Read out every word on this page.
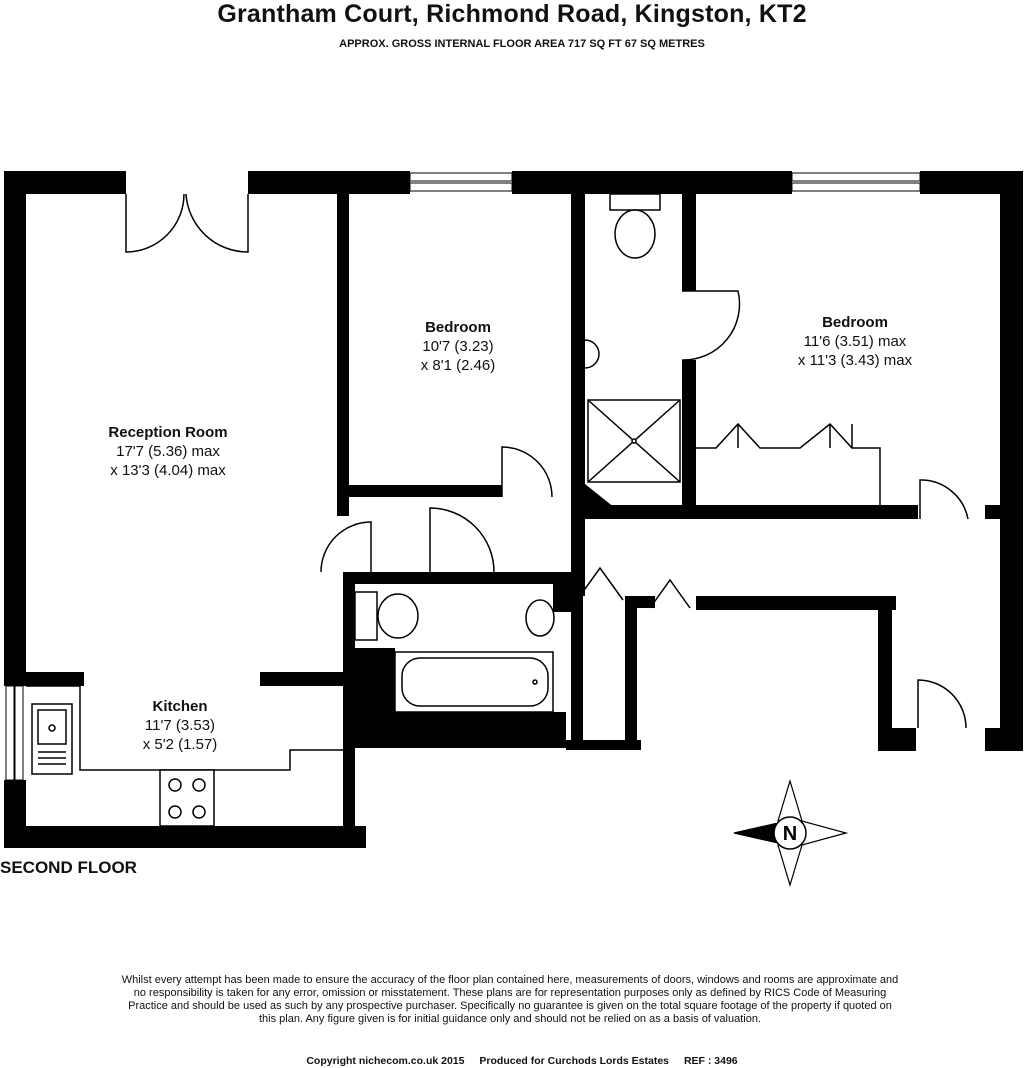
Grantham Court, Richmond Road, Kingston, KT2
APPROX. GROSS INTERNAL FLOOR AREA 717 SQ FT 67 SQ METRES
N
Reception Room
17'7 (5.36) max
x 13'3 (4.04) max
Bedroom
10'7 (3.23)
x 8'1 (2.46)
Bedroom
11'6 (3.51) max
x 11'3 (3.43) max
Kitchen
11'7 (3.53)
x 5'2 (1.57)
SECOND FLOOR
Whilst every attempt has been made to ensure the accuracy of the floor plan contained here, measurements of doors, windows and rooms are approximate and no responsibility is taken for any error, omission or misstatement. These plans are for representation purposes only as defined by RICS Code of Measuring Practice and should be used as such by any prospective purchaser. Specifically no guarantee is given on the total square footage of the property if quoted on this plan. Any figure given is for initial guidance only and should not be relied on as a basis of valuation.
Copyright nichecom.co.uk 2015 Produced for Curchods Lords Estates REF : 3496
